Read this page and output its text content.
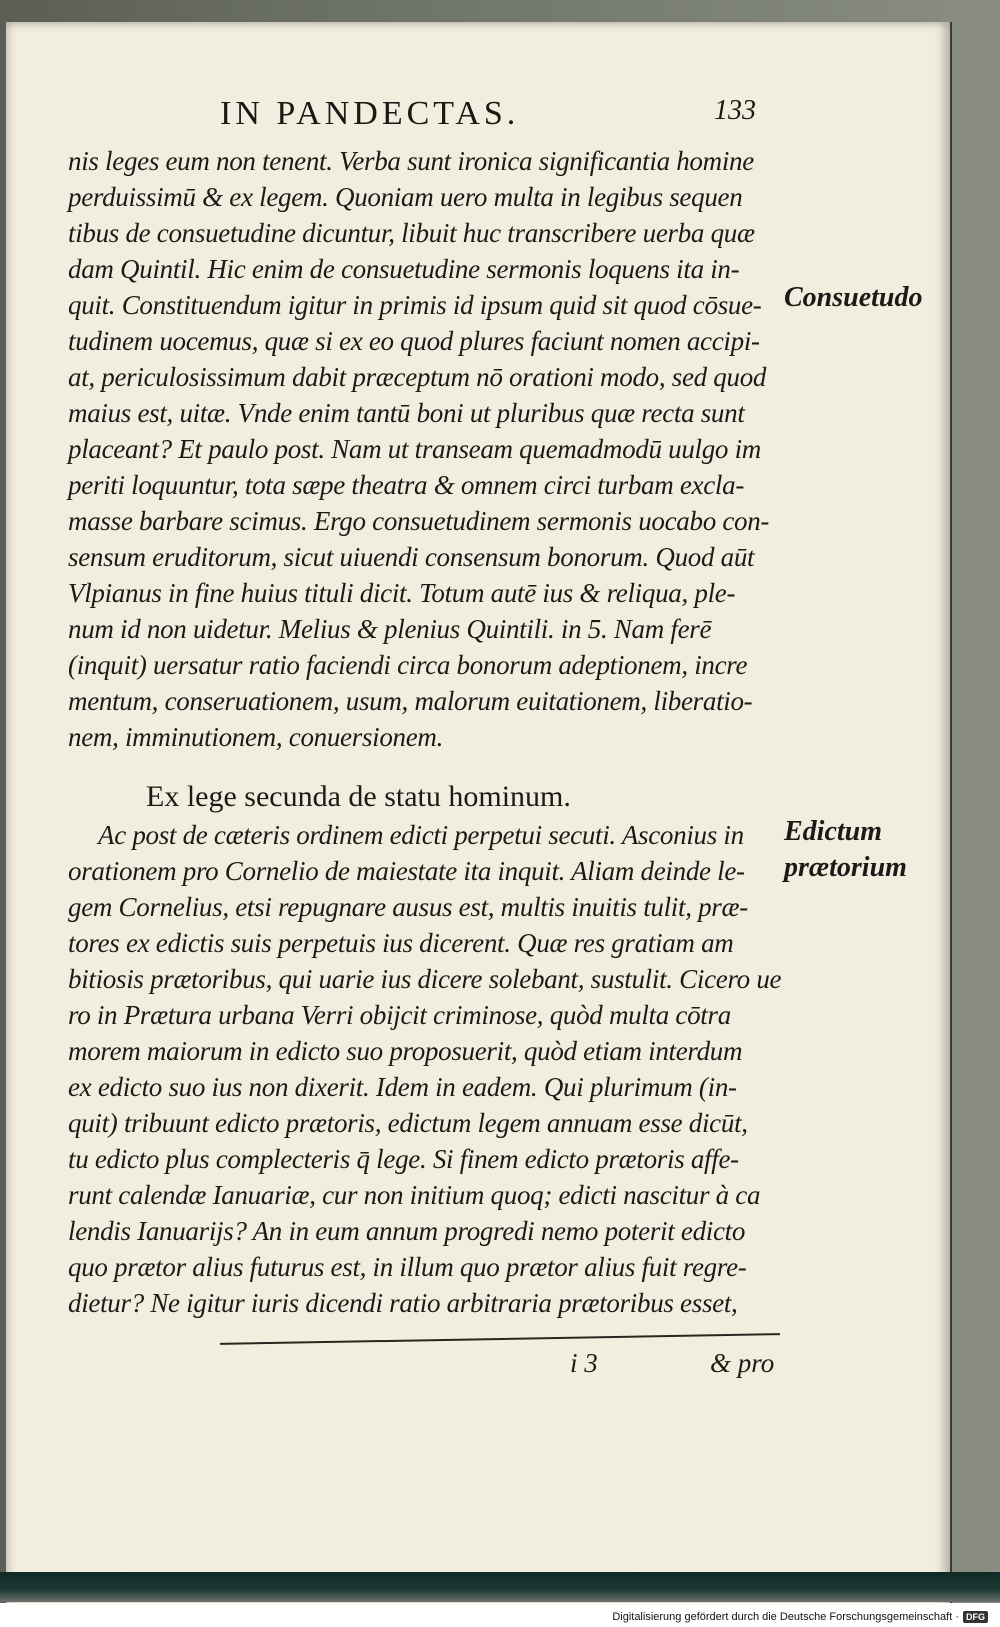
IN PANDECTAS.	133
nis leges eum non tenent. Verba sunt ironica significantia homine
perduissimū & ex legem. Quoniam uero multa in legibus sequen
tibus de consuetudine dicuntur, libuit huc transcribere uerba quæ
dam Quintil. Hic enim de consuetudine sermonis loquens ita in-
quit. Constituendum igitur in primis id ipsum quid sit quod cōsue-
tudinem uocemus, quæ si ex eo quod plures faciunt nomen accipi-
at, periculosissimum dabit præceptum nō orationi modo, sed quod
maius est, uitæ. Vnde enim tantū boni ut pluribus quæ recta sunt
placeant? Et paulo post. Nam ut transeam quemadmodū uulgo im
periti loquuntur, tota sæpe theatra & omnem circi turbam excla-
masse barbare scimus. Ergo consuetudinem sermonis uocabo con-
sensum eruditorum, sicut uiuendi consensum bonorum. Quod aūt
Vlpianus in fine huius tituli dicit. Totum autē ius & reliqua, ple-
num id non uidetur. Melius & plenius Quintili. in 5. Nam ferē
(inquit) uersatur ratio faciendi circa bonorum adeptionem, incre
mentum, conseruationem, usum, malorum euitationem, liberatio-
nem, imminutionem, conuersionem.
Ex lege secunda de statu hominum.
Ac post de cæteris ordinem edicti perpetui secuti. Asconius in
orationem pro Cornelio de maiestate ita inquit. Aliam deinde le-
gem Cornelius, etsi repugnare ausus est, multis inuitis tulit, præ-
tores ex edictis suis perpetuis ius dicerent. Quæ res gratiam am
bitiosis prætoribus, qui uarie ius dicere solebant, sustulit. Cicero ue
ro in Prætura urbana Verri obijcit criminose, quòd multa cōtra
morem maiorum in edicto suo proposuerit, quòd etiam interdum
ex edicto suo ius non dixerit. Idem in eadem. Qui plurimum (in-
quit) tribuunt edicto prætoris, edictum legem annuam esse dicūt,
tu edicto plus complecteris q̄ lege. Si finem edicto prætoris affe-
runt calendæ Ianuariæ, cur non initium quoq; edicti nascitur à ca
lendis Ianuarijs? An in eum annum progredi nemo poterit edicto
quo prætor alius futurus est, in illum quo prætor alius fuit regre-
dietur? Ne igitur iuris dicendi ratio arbitraria prætoribus esset,
i 3	& pro
Consuetudo
Edictum
prætorium
Digitalisierung gefördert durch die Deutsche Forschungsgemeinschaft · DFG
